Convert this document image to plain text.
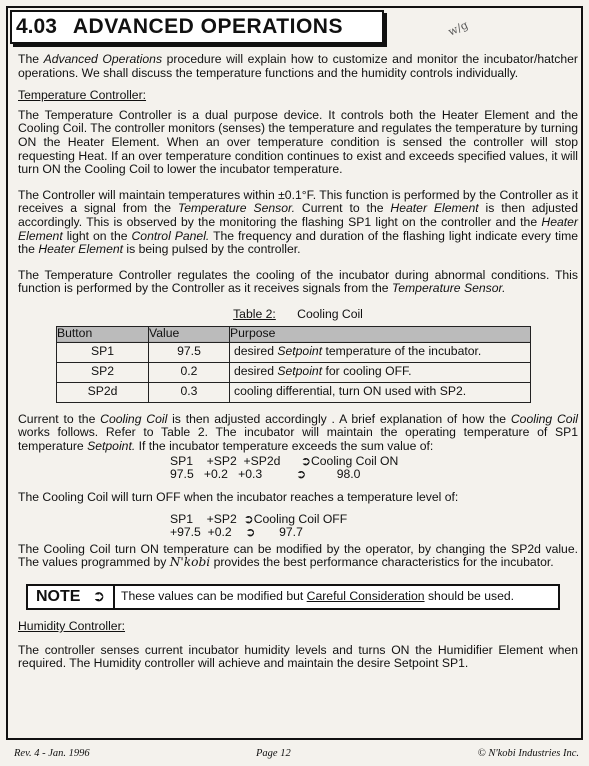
4.03 ADVANCED OPERATIONS	w/g

The Advanced Operations procedure will explain how to customize and monitor the incubator/hatcher operations. We shall discuss the temperature functions and the humidity controls individually.

Temperature Controller:

The Temperature Controller is a dual purpose device. It controls both the Heater Element and the Cooling Coil. The controller monitors (senses) the temperature and regulates the temperature by turning ON the Heater Element. When an over temperature condition is sensed the controller will stop requesting Heat. If an over temperature condition continues to exist and exceeds specified values, it will turn ON the Cooling Coil to lower the incubator temperature.

The Controller will maintain temperatures within ±0.1°F. This function is performed by the Controller as it receives a signal from the Temperature Sensor. Current to the Heater Element is then adjusted accordingly. This is observed by the monitoring the flashing SP1 light on the controller and the Heater Element light on the Control Panel. The frequency and duration of the flashing light indicate every time the Heater Element is being pulsed by the controller.

The Temperature Controller regulates the cooling of the incubator during abnormal conditions. This function is performed by the Controller as it receives signals from the Temperature Sensor.

Table 2: Cooling Coil
Button	Value	Purpose
SP1	97.5	desired Setpoint temperature of the incubator.
SP2	0.2	desired Setpoint for cooling OFF.
SP2d	0.3	cooling differential, turn ON used with SP2.

Current to the Cooling Coil is then adjusted accordingly . A brief explanation of how the Cooling Coil works follows. Refer to Table 2. The incubator will maintain the operating temperature of SP1 temperature Setpoint. If the incubator temperature exceeds the sum value of:

SP1    +SP2  +SP2d      ➲Cooling Coil ON
97.5   +0.2   +0.3          ➲         98.0

The Cooling Coil will turn OFF when the incubator reaches a temperature level of:

SP1    +SP2  ➲Cooling Coil OFF
+97.5  +0.2    ➲       97.7

The Cooling Coil turn ON temperature can be modified by the operator, by changing the SP2d value. The values programmed by N'kobi provides the best performance characteristics for the incubator.

NOTE ➲	These values can be modified but Careful Consideration should be used.
Humidity Controller:

The controller senses current incubator humidity levels and turns ON the Humidifier Element when required. The Humidity controller will achieve and maintain the desire Setpoint SP1.

Rev. 4 - Jan. 1996	Page 12	© N'kobi Industries Inc.
